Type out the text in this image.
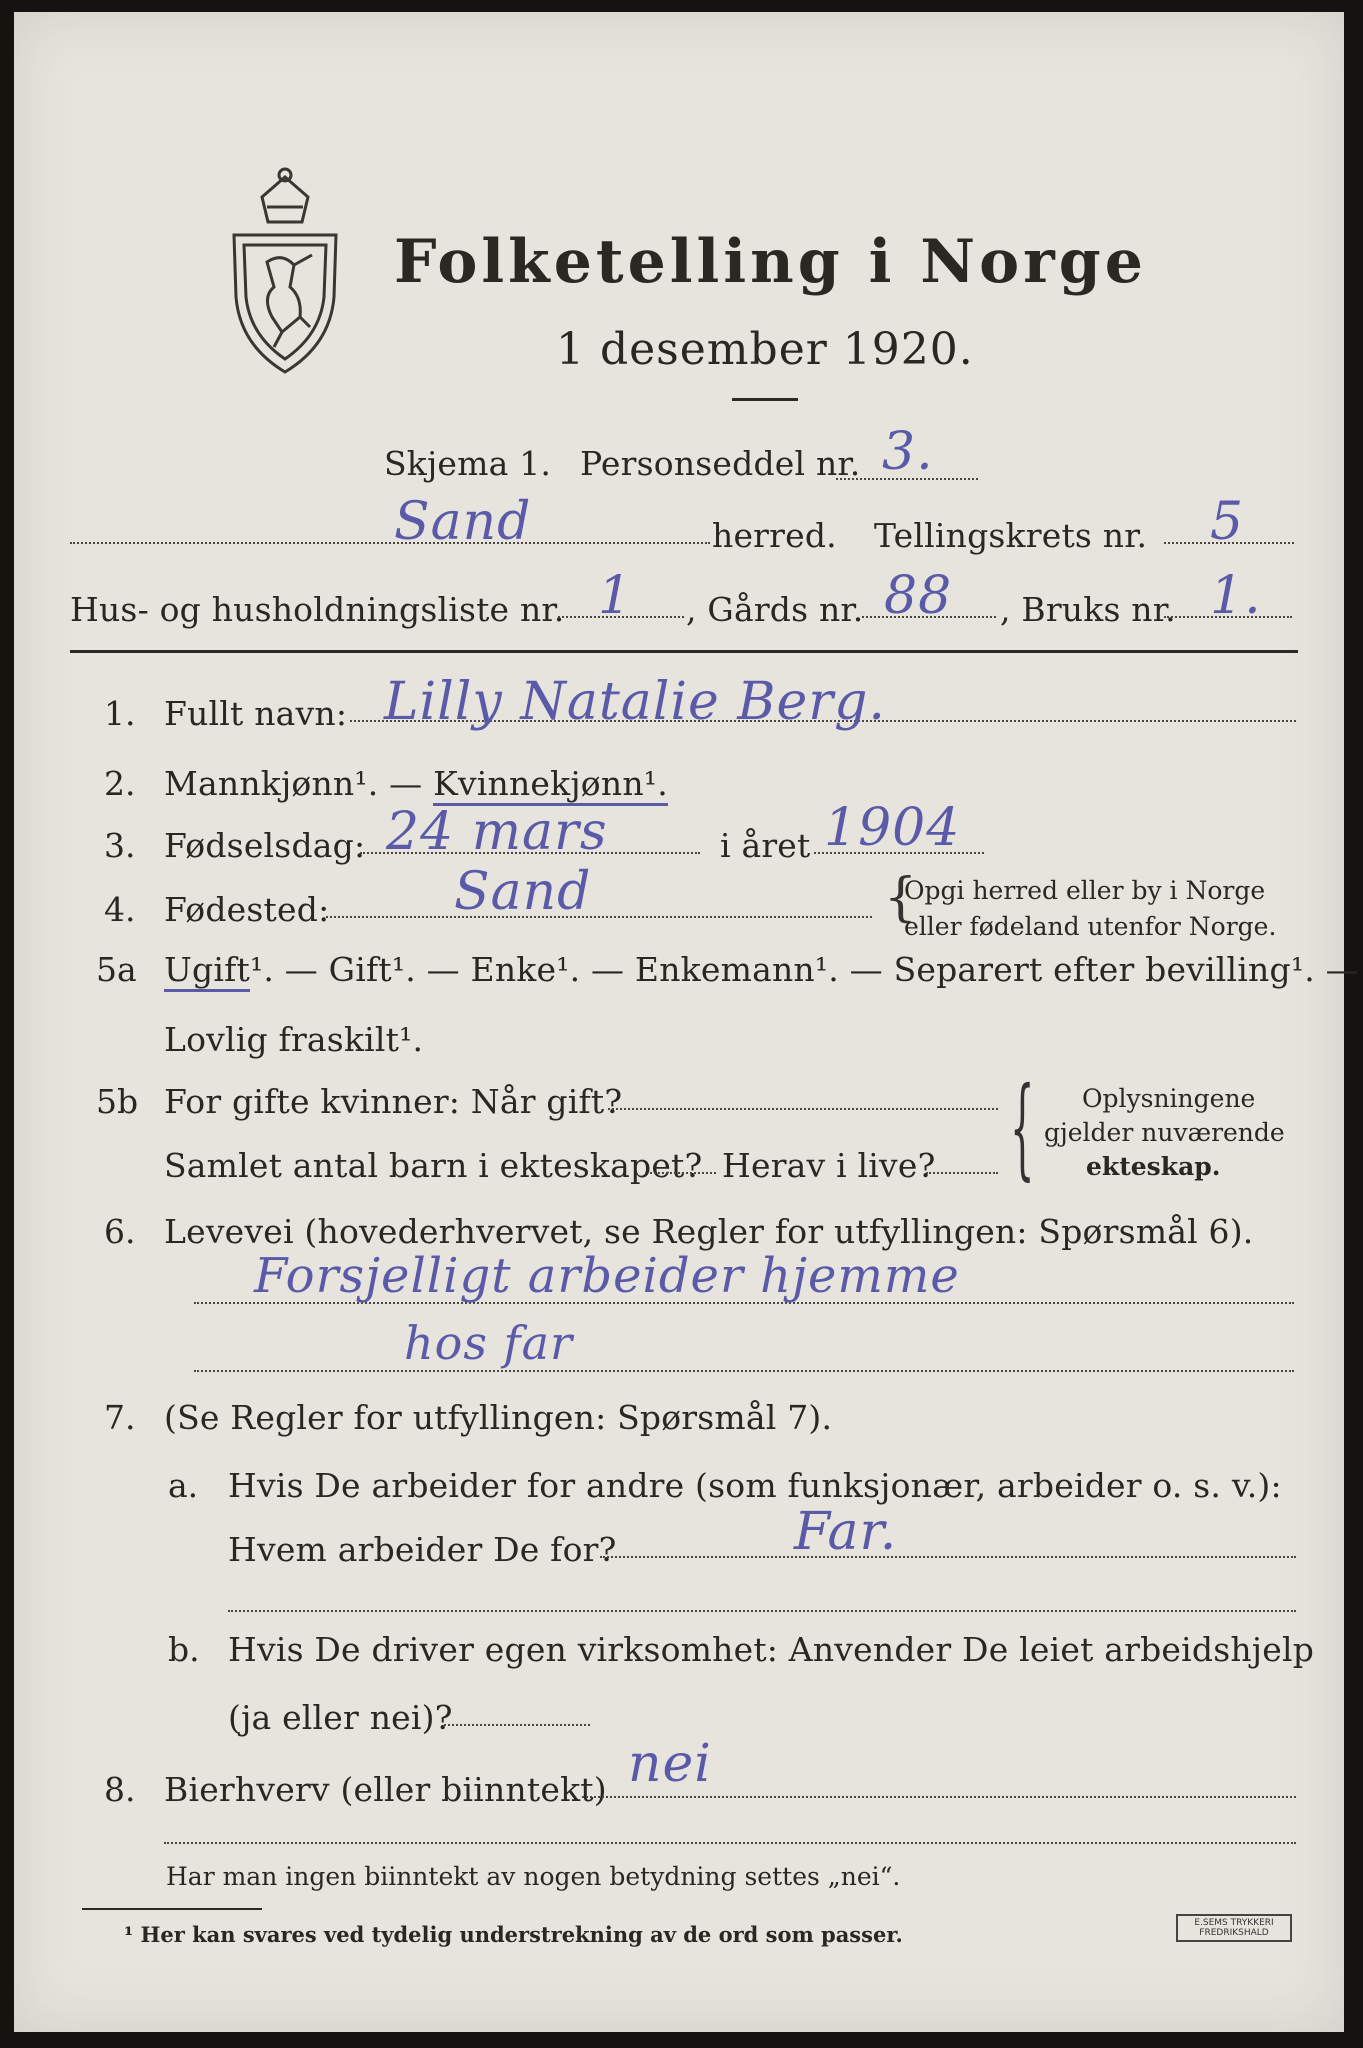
Folketelling i Norge
1 desember 1920.
Skjema 1. Personseddel nr. 3.
Sand	herred. Tellingskrets nr. 5
Hus- og husholdningsliste nr. 1 , Gårds nr. 88 , Bruks nr. 1.
1. Fullt navn: Lilly Natalie Berg.
2. Mannkjønn¹. — Kvinnekjønn¹.
3. Fødselsdag: 24 mars	i året 1904
4. Fødested: Sand	{
Opgi herred eller by i Norge
eller fødeland utenfor Norge.
5a Ugift¹. — Gift¹. — Enke¹. — Enkemann¹. — Separert efter bevilling¹. —
Lovlig fraskilt¹.
5b For gifte kvinner: Når gift?
Samlet antal barn i ekteskapet? Herav i live? { Oplysningene
gjelder nuværende
ekteskap.
6. Levevei (hovederhvervet, se Regler for utfyllingen: Spørsmål 6).
Forsjelligt arbeider hjemme
hos far
7. (Se Regler for utfyllingen: Spørsmål 7).
a. Hvis De arbeider for andre (som funksjonær, arbeider o. s. v.):
Hvem arbeider De for?	Far.
b. Hvis De driver egen virksomhet: Anvender De leiet arbeidshjelp
(ja eller nei)?
8. Bierhverv (eller biinntekt) nei
Har man ingen biinntekt av nogen betydning settes „nei“.
¹ Her kan svares ved tydelig understrekning av de ord som passer.	E.SEMS TRYKKERI FREDRIKSHALD
